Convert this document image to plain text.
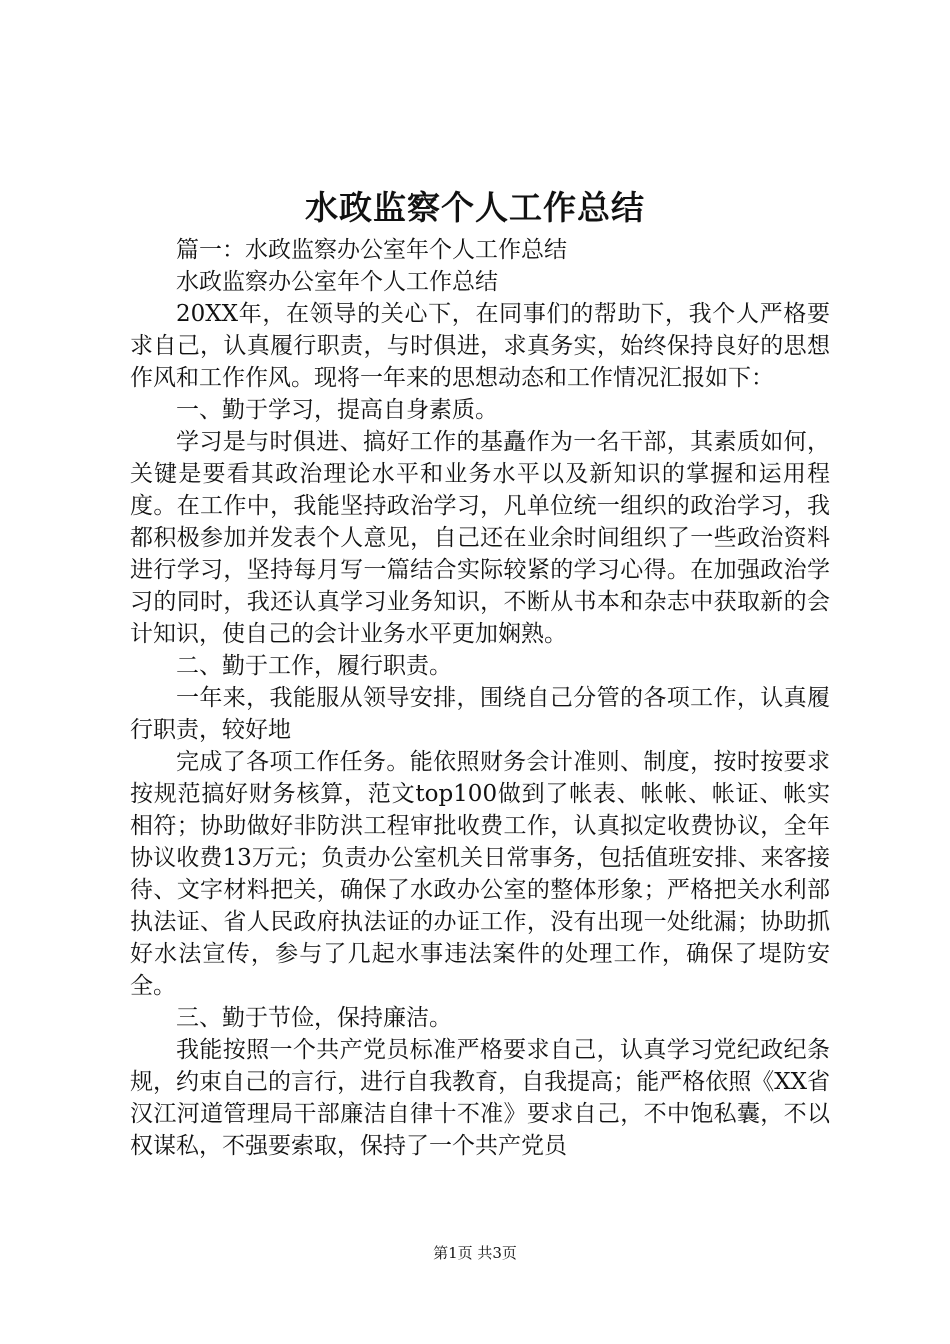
水政监察个人工作总结

篇一：水政监察办公室年个人工作总结

水政监察办公室年个人工作总结

20XX年，在领导的关心下，在同事们的帮助下，我个人严格要求自己，认真履行职责，与时俱进，求真务实，始终保持良好的思想作风和工作作风。现将一年来的思想动态和工作情况汇报如下：

一、勤于学习，提高自身素质。

学习是与时俱进、搞好工作的基矗作为一名干部，其素质如何，关键是要看其政治理论水平和业务水平以及新知识的掌握和运用程度。在工作中，我能坚持政治学习，凡单位统一组织的政治学习，我都积极参加并发表个人意见，自己还在业余时间组织了一些政治资料进行学习，坚持每月写一篇结合实际较紧的学习心得。在加强政治学习的同时，我还认真学习业务知识，不断从书本和杂志中获取新的会计知识，使自己的会计业务水平更加娴熟。

二、勤于工作，履行职责。

一年来，我能服从领导安排，围绕自己分管的各项工作，认真履行职责，较好地

完成了各项工作任务。能依照财务会计准则、制度，按时按要求按规范搞好财务核算，范文top100做到了帐表、帐帐、帐证、帐实相符；协助做好非防洪工程审批收费工作，认真拟定收费协议，全年协议收费13万元；负责办公室机关日常事务，包括值班安排、来客接待、文字材料把关，确保了水政办公室的整体形象；严格把关水利部执法证、省人民政府执法证的办证工作，没有出现一处纰漏；协助抓好水法宣传，参与了几起水事违法案件的处理工作，确保了堤防安全。

三、勤于节俭，保持廉洁。

我能按照一个共产党员标准严格要求自己，认真学习党纪政纪条规，约束自己的言行，进行自我教育，自我提高；能严格依照《XX省汉江河道管理局干部廉洁自律十不准》要求自己，不中饱私囊，不以权谋私，不强要索取，保持了一个共产党员

第1页 共3页
